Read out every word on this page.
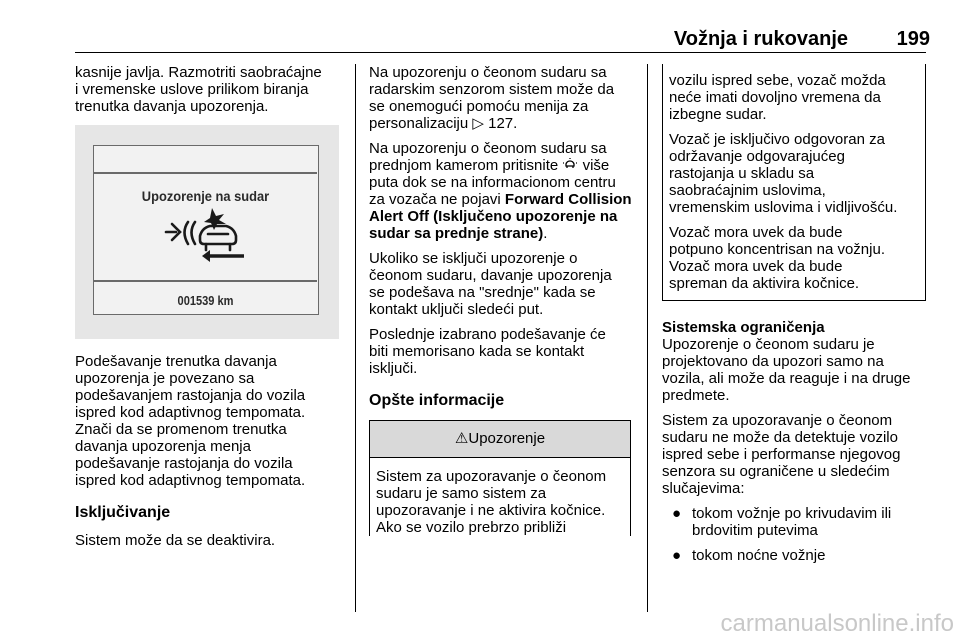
Vožnja i rukovanje 199

kasnije javlja. Razmotriti saobraćajne
i vremenske uslove prilikom biranja
trenutka davanja upozorenja.

Upozorenje na sudar
001539 km

Podešavanje trenutka davanja
upozorenja je povezano sa
podešavanjem rastojanja do vozila
ispred kod adaptivnog tempomata.
Znači da se promenom trenutka
davanja upozorenja menja
podešavanje rastojanja do vozila
ispred kod adaptivnog tempomata.

Isključivanje

Sistem može da se deaktivira.

Na upozorenju o čeonom sudaru sa
radarskim senzorom sistem može da
se onemogući pomoću menija za
personalizaciju ▷ 127.

Na upozorenju o čeonom sudaru sa
prednjom kamerom pritisnite više
puta dok se na informacionom centru
za vozača ne pojavi Forward Collision
Alert Off (Isključeno upozorenje na
sudar sa prednje strane).

Ukoliko se isključi upozorenje o
čeonom sudaru, davanje upozorenja
se podešava na "srednje" kada se
kontakt uključi sledeći put.

Poslednje izabrano podešavanje će
biti memorisano kada se kontakt
isključi.

Opšte informacije
⚠Upozorenje
Sistem za upozoravanje o čeonom
sudaru je samo sistem za
upozoravanje i ne aktivira kočnice.
Ako se vozilo prebrzo približi

vozilu ispred sebe, vozač možda
neće imati dovoljno vremena da
izbegne sudar.

Vozač je isključivo odgovoran za
održavanje odgovarajućeg
rastojanja u skladu sa
saobraćajnim uslovima,
vremenskim uslovima i vidljivošću.

Vozač mora uvek da bude
potpuno koncentrisan na vožnju.
Vozač mora uvek da bude
spreman da aktivira kočnice.

Sistemska ograničenja

Upozorenje o čeonom sudaru je
projektovano da upozori samo na
vozila, ali može da reaguje i na druge
predmete.

Sistem za upozoravanje o čeonom
sudaru ne može da detektuje vozilo
ispred sebe i performanse njegovog
senzora su ograničene u sledećim
slučajevima:

● tokom vožnje po krivudavim ili
brdovitim putevima
● tokom noćne vožnje
carmanualsonline.info
